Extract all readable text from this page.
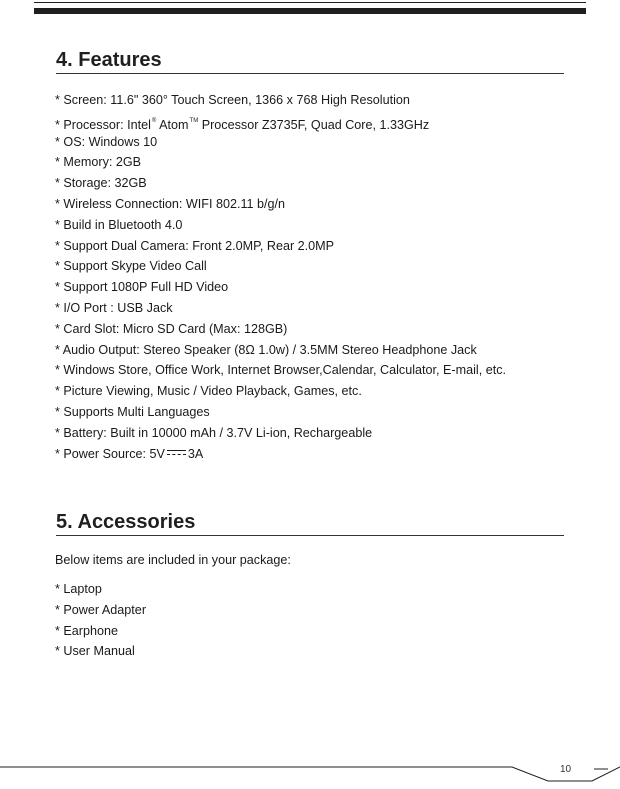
4. Features
* Screen: 11.6" 360° Touch Screen, 1366 x 768 High Resolution
* Processor: Intel® Atom™ Processor Z3735F, Quad Core, 1.33GHz
* OS: Windows 10
* Memory: 2GB
* Storage: 32GB
* Wireless Connection: WIFI 802.11 b/g/n
* Build in Bluetooth 4.0
* Support Dual Camera: Front 2.0MP, Rear 2.0MP
* Support Skype Video Call
* Support 1080P Full HD Video
* I/O Port : USB Jack
* Card Slot: Micro SD Card (Max: 128GB)
* Audio Output: Stereo Speaker (8Ω 1.0w) / 3.5MM Stereo Headphone Jack
* Windows Store, Office Work, Internet Browser,Calendar, Calculator, E-mail, etc.
* Picture Viewing, Music / Video Playback, Games, etc.
* Supports Multi Languages
* Battery: Built in 10000 mAh / 3.7V Li-ion, Rechargeable
* Power Source: 5V 3A
5. Accessories
Below items are included in your package:
* Laptop
* Power Adapter
* Earphone
* User Manual
10
